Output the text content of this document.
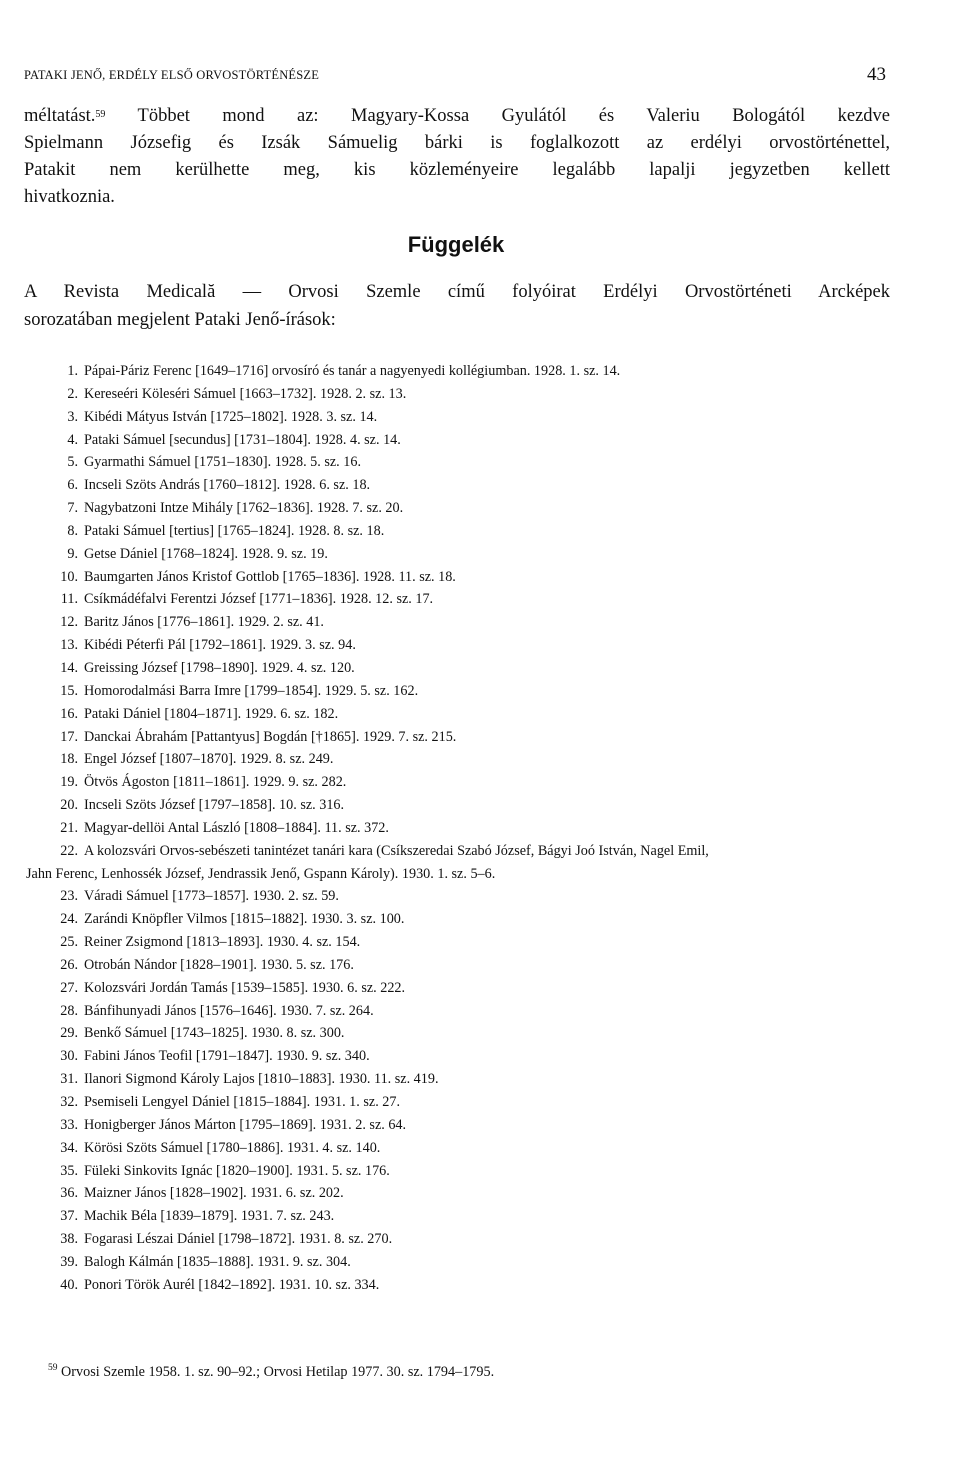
PATAKI JENŐ, ERDÉLY ELSŐ ORVOSTÖRTÉNÉSZE	43
méltatást.$^{59}$ Többet mond az: Magyary-Kossa Gyulától és Valeriu Bologától kezdve
Spielmann Józsefig és Izsák Sámuelig bárki is foglalkozott az erdélyi orvostörténettel,
Patakit nem kerülhette meg, kis közleményeire legalább lapalji jegyzetben kellett
hivatkoznia.
Függelék
A Revista Medicală — Orvosi Szemle című folyóirat Erdélyi Orvostörténeti Arcképek
sorozatában megjelent Pataki Jenő-írások:
1. Pápai-Páriz Ferenc [1649–1716] orvosíró és tanár a nagyenyedi kollégiumban. 1928. 1. sz. 14.
2. Kereseéri Köleséri Sámuel [1663–1732]. 1928. 2. sz. 13.
3. Kibédi Mátyus István [1725–1802]. 1928. 3. sz. 14.
4. Pataki Sámuel [secundus] [1731–1804]. 1928. 4. sz. 14.
5. Gyarmathi Sámuel [1751–1830]. 1928. 5. sz. 16.
6. Incseli Szöts András [1760–1812]. 1928. 6. sz. 18.
7. Nagybatzoni Intze Mihály [1762–1836]. 1928. 7. sz. 20.
8. Pataki Sámuel [tertius] [1765–1824]. 1928. 8. sz. 18.
9. Getse Dániel [1768–1824]. 1928. 9. sz. 19.
10. Baumgarten János Kristof Gottlob [1765–1836]. 1928. 11. sz. 18.
11. Csíkmádéfalvi Ferentzi József [1771–1836]. 1928. 12. sz. 17.
12. Baritz János [1776–1861]. 1929. 2. sz. 41.
13. Kibédi Péterfi Pál [1792–1861]. 1929. 3. sz. 94.
14. Greissing József [1798–1890]. 1929. 4. sz. 120.
15. Homorodalmási Barra Imre [1799–1854]. 1929. 5. sz. 162.
16. Pataki Dániel [1804–1871]. 1929. 6. sz. 182.
17. Danckai Ábrahám [Pattantyus] Bogdán [†1865]. 1929. 7. sz. 215.
18. Engel József [1807–1870]. 1929. 8. sz. 249.
19. Ötvös Ágoston [1811–1861]. 1929. 9. sz. 282.
20. Incseli Szöts József [1797–1858]. 10. sz. 316.
21. Magyar-dellöi Antal László [1808–1884]. 11. sz. 372.
22. A kolozsvári Orvos-sebészeti tanintézet tanári kara (Csíkszeredai Szabó József, Bágyi Joó István, Nagel Emil,
Jahn Ferenc, Lenhossék József, Jendrassik Jenő, Gspann Károly). 1930. 1. sz. 5–6.
23. Váradi Sámuel [1773–1857]. 1930. 2. sz. 59.
24. Zarándi Knöpfler Vilmos [1815–1882]. 1930. 3. sz. 100.
25. Reiner Zsigmond [1813–1893]. 1930. 4. sz. 154.
26. Otrobán Nándor [1828–1901]. 1930. 5. sz. 176.
27. Kolozsvári Jordán Tamás [1539–1585]. 1930. 6. sz. 222.
28. Bánfihunyadi János [1576–1646]. 1930. 7. sz. 264.
29. Benkő Sámuel [1743–1825]. 1930. 8. sz. 300.
30. Fabini János Teofil [1791–1847]. 1930. 9. sz. 340.
31. Ilanori Sigmond Károly Lajos [1810–1883]. 1930. 11. sz. 419.
32. Psemiseli Lengyel Dániel [1815–1884]. 1931. 1. sz. 27.
33. Honigberger János Márton [1795–1869]. 1931. 2. sz. 64.
34. Körösi Szöts Sámuel [1780–1886]. 1931. 4. sz. 140.
35. Füleki Sinkovits Ignác [1820–1900]. 1931. 5. sz. 176.
36. Maizner János [1828–1902]. 1931. 6. sz. 202.
37. Machik Béla [1839–1879]. 1931. 7. sz. 243.
38. Fogarasi Lészai Dániel [1798–1872]. 1931. 8. sz. 270.
39. Balogh Kálmán [1835–1888]. 1931. 9. sz. 304.
40. Ponori Török Aurél [1842–1892]. 1931. 10. sz. 334.
$^{59}$ Orvosi Szemle 1958. 1. sz. 90–92.; Orvosi Hetilap 1977. 30. sz. 1794–1795.
